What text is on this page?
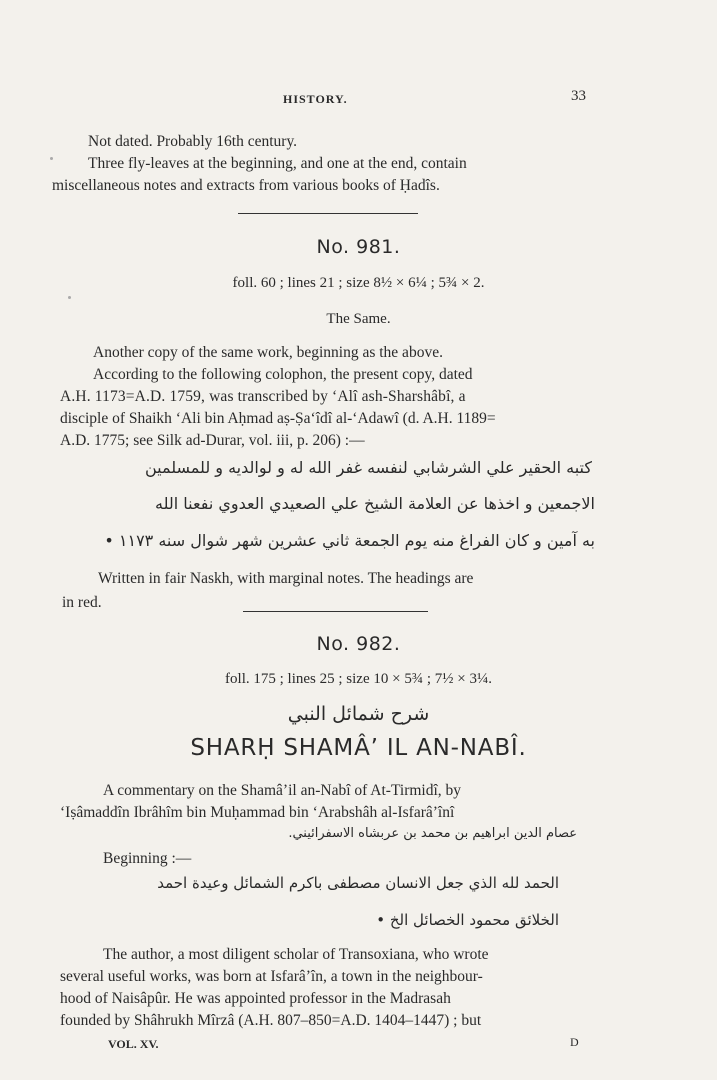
HISTORY.	33
Not dated. Probably 16th century.
Three fly-leaves at the beginning, and one at the end, contain
miscellaneous notes and extracts from various books of Ḥadîs.
No. 981.
foll. 60 ; lines 21 ; size 8½ × 6¼ ; 5¾ × 2.
The Same.
Another copy of the same work, beginning as the above.
According to the following colophon, the present copy, dated
A.H. 1173=A.D. 1759, was transcribed by ‘Alî ash-Sharshâbî, a
disciple of Shaikh ‘Ali bin Aḥmad aṣ-Ṣa‘îdî al-‘Adawî (d. A.H. 1189=
A.D. 1775; see Silk ad-Durar, vol. iii, p. 206) :—
كتبه الحقير علي الشرشابي لنفسه غفر الله له و لوالديه و للمسلمين
الاجمعين و اخذها عن العلامة الشيخ علي الصعيدي العدوي نفعنا الله
به آمين و كان الفراغ منه يوم الجمعة ثاني عشرين شهر شوال سنه ١١٧٣ •
Written in fair Naskh, with marginal notes. The headings are
in red.
No. 982.
foll. 175 ; lines 25 ; size 10 × 5¾ ; 7½ × 3¼.
شرح شمائل النبي
SHARḤ SHAMÂ’ IL AN-NABÎ.
A commentary on the Shamâ’il an-Nabî of At-Tirmidî, by
‘Iṣâmaddîn Ibrâhîm bin Muḥammad bin ‘Arabshâh al-Isfarâ’înî
عصام الدين ابراهيم بن محمد بن عربشاه الاسفرائيني.
Beginning :—
الحمد لله الذي جعل الانسان مصطفى باكرم الشمائل وعيدة احمد
الخلائق محمود الخصائل الخ •
The author, a most diligent scholar of Transoxiana, who wrote
several useful works, was born at Isfarâ’în, a town in the neighbour-
hood of Naisâpûr. He was appointed professor in the Madrasah
founded by Shâhrukh Mîrzâ (A.H. 807–850=A.D. 1404–1447) ; but
VOL. XV.	D
